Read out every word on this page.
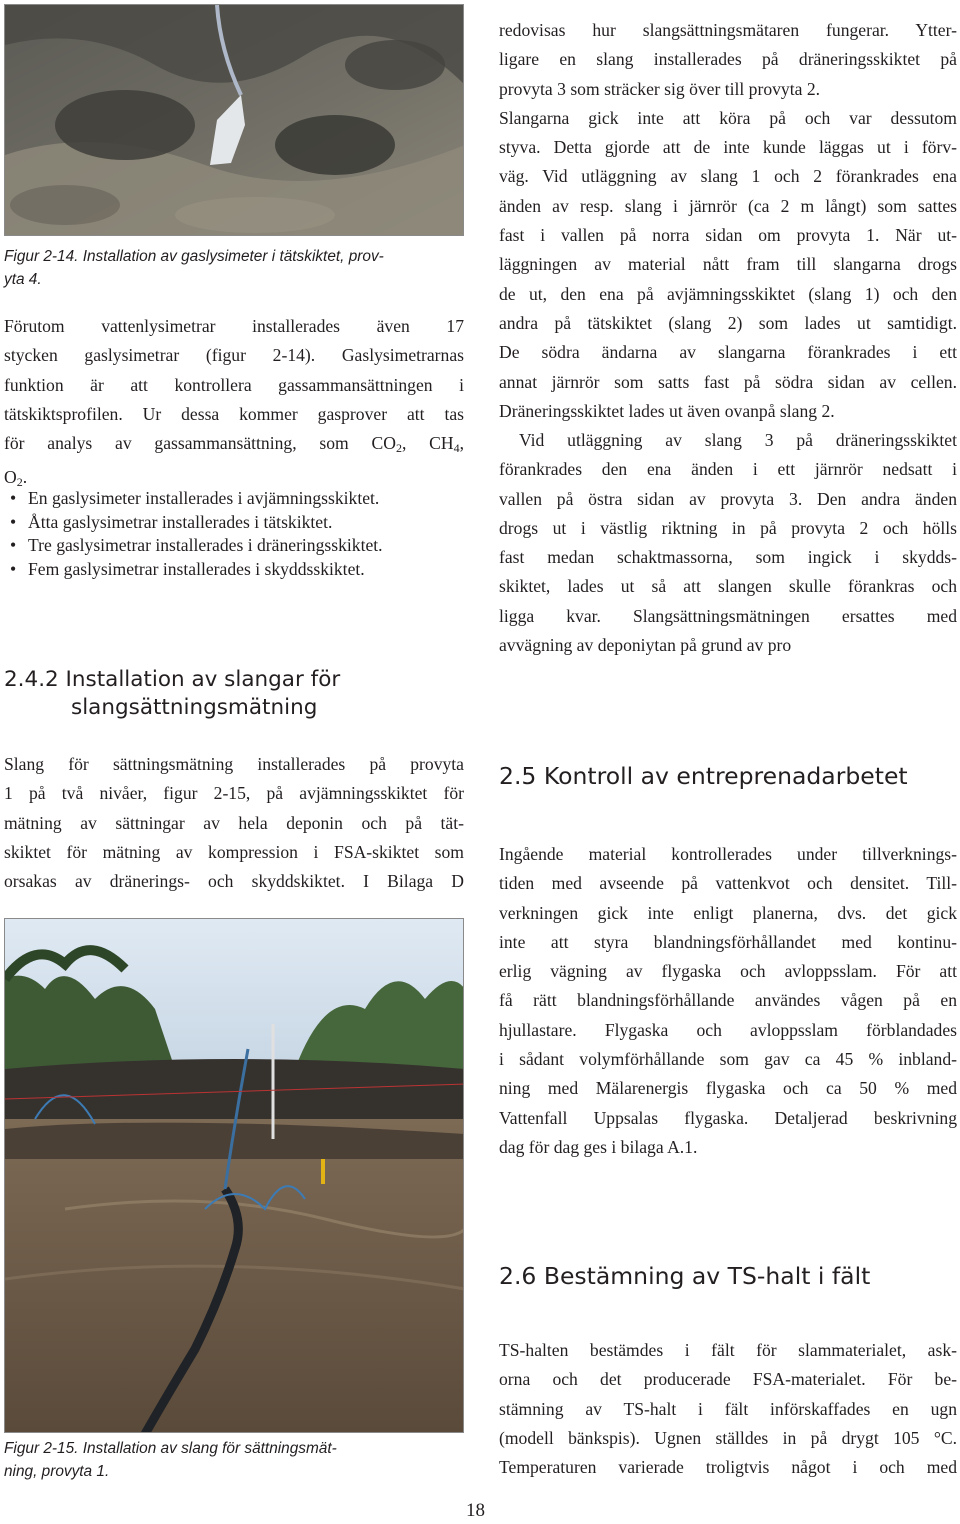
Figur 2-14. Installation av gaslysimeter i tätskiktet, prov-
yta 4.
Förutom vattenlysimetrar installerades även 17
stycken gaslysimetrar (figur 2-14). Gaslysimetrarnas
funktion är att kontrollera gassammansättningen i
tätskiktsprofilen. Ur dessa kommer gasprover att tas
för analys av gassammansättning, som $CO_2$, $CH_4$,
$O_2$.
• En gaslysimeter installerades i avjämningsskiktet.
• Åtta gaslysimetrar installerades i tätskiktet.
• Tre gaslysimetrar installerades i dräneringsskiktet.
• Fem gaslysimetrar installerades i skyddsskiktet.
2.4.2 Installation av slangar för
slangsättningsmätning
Slang för sättningsmätning installerades på provyta
1 på två nivåer, figur 2-15, på avjämningsskiktet för
mätning av sättningar av hela deponin och på tät-
skiktet för mätning av kompression i FSA-skiktet som
orsakas av dränerings- och skyddskiktet. I Bilaga D
Figur 2-15. Installation av slang för sättningsmät-
ning, provyta 1.
redovisas hur slangsättningsmätaren fungerar. Ytter-
ligare en slang installerades på dräneringsskiktet på
provyta 3 som sträcker sig över till provyta 2.
Slangarna gick inte att köra på och var dessutom
styva. Detta gjorde att de inte kunde läggas ut i förv-
väg. Vid utläggning av slang 1 och 2 förankrades ena
änden av resp. slang i järnrör (ca 2 m långt) som sattes
fast i vallen på norra sidan om provyta 1. När ut-
läggningen av material nått fram till slangarna drogs
de ut, den ena på avjämningsskiktet (slang 1) och den
andra på tätskiktet (slang 2) som lades ut samtidigt.
De södra ändarna av slangarna förankrades i ett
annat järnrör som satts fast på södra sidan av cellen.
Dräneringsskiktet lades ut även ovanpå slang 2.
Vid utläggning av slang 3 på dräneringsskiktet
förankrades den ena änden i ett järnrör nedsatt i
vallen på östra sidan av provyta 3. Den andra änden
drogs ut i västlig riktning in på provyta 2 och hölls
fast medan schaktmassorna, som ingick i skydds-
skiktet, lades ut så att slangen skulle förankras och
ligga kvar. Slangsättningsmätningen ersattes med
avvägning av deponiytan på grund av pro
2.5 Kontroll av entreprenadarbetet
Ingående material kontrollerades under tillverknings-
tiden med avseende på vattenkvot och densitet. Till-
verkningen gick inte enligt planerna, dvs. det gick
inte att styra blandningsförhållandet med kontinu-
erlig vägning av flygaska och avloppsslam. För att
få rätt blandningsförhållande användes vågen på en
hjullastare. Flygaska och avloppsslam förblandades
i sådant volymförhållande som gav ca 45 % inbland-
ning med Mälarenergis flygaska och ca 50 % med
Vattenfall Uppsalas flygaska. Detaljerad beskrivning
dag för dag ges i bilaga A.1.
2.6 Bestämning av TS-halt i fält
TS-halten bestämdes i fält för slammaterialet, ask-
orna och det producerade FSA-materialet. För be-
stämning av TS-halt i fält införskaffades en ugn
(modell bänkspis). Ugnen ställdes in på drygt 105 °C.
Temperaturen varierade troligtvis något i och med
18
